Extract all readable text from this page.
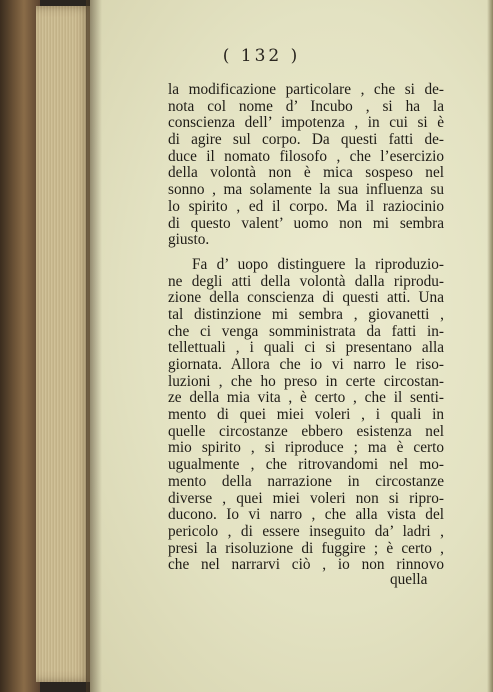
( 132 )
la modificazione particolare , che si de-
nota col nome d’ Incubo , si ha la
conscienza dell’ impotenza , in cui si è
di agire sul corpo. Da questi fatti de-
duce il nomato filosofo , che l’esercizio
della volontà non è mica sospeso nel
sonno , ma solamente la sua influenza su
lo spirito , ed il corpo. Ma il raziocinio
di questo valent’ uomo non mi sembra
giusto.
Fa d’ uopo distinguere la riproduzio-
ne degli atti della volontà dalla riprodu-
zione della conscienza di questi atti. Una
tal distinzione mi sembra , giovanetti ,
che ci venga somministrata da fatti in-
tellettuali , i quali ci si presentano alla
giornata. Allora che io vi narro le riso-
luzioni , che ho preso in certe circostan-
ze della mia vita , è certo , che il senti-
mento di quei miei voleri , i quali in
quelle circostanze ebbero esistenza nel
mio spirito , si riproduce ; ma è certo
ugualmente , che ritrovandomi nel mo-
mento della narrazione in circostanze
diverse , quei miei voleri non si ripro-
ducono. Io vi narro , che alla vista del
pericolo , di essere inseguito da’ ladri ,
presi la risoluzione di fuggire ; è certo ,
che nel narrarvi ciò , io non rinnovo
quella
